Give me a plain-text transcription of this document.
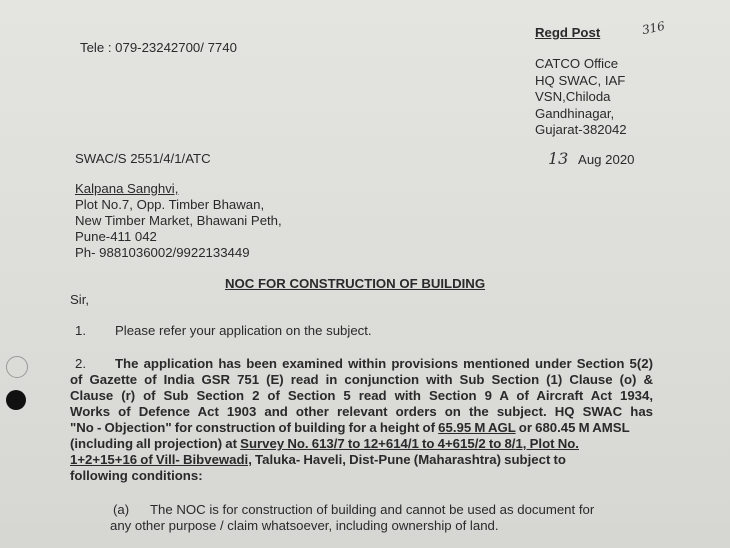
Tele : 079-23242700/ 7740
Regd Post	316
CATCO Office
HQ SWAC, IAF
VSN,Chiloda
Gandhinagar,
Gujarat-382042
SWAC/S 2551/4/1/ATC	13 Aug 2020
Kalpana Sanghvi,
Plot No.7, Opp. Timber Bhawan,
New Timber Market, Bhawani Peth,
Pune-411 042
Ph- 9881036002/9922133449
NOC FOR CONSTRUCTION OF BUILDING
Sir,
1. Please refer your application on the subject.
2. The application has been examined within provisions mentioned under Section 5(2)
of Gazette of India GSR 751 (E) read in conjunction with Sub Section (1) Clause (o) &
Clause (r) of Sub Section 2 of Section 5 read with Section 9 A of Aircraft Act 1934,
Works of Defence Act 1903 and other relevant orders on the subject. HQ SWAC has
"No - Objection" for construction of building for a height of 65.95 M AGL or 680.45 M AMSL
(including all projection) at Survey No. 613/7 to 12+614/1 to 4+615/2 to 8/1, Plot No.
1+2+15+16 of Vill- Bibvewadi, Taluka- Haveli, Dist-Pune (Maharashtra) subject to
following conditions:
(a) The NOC is for construction of building and cannot be used as document for
any other purpose / claim whatsoever, including ownership of land.
